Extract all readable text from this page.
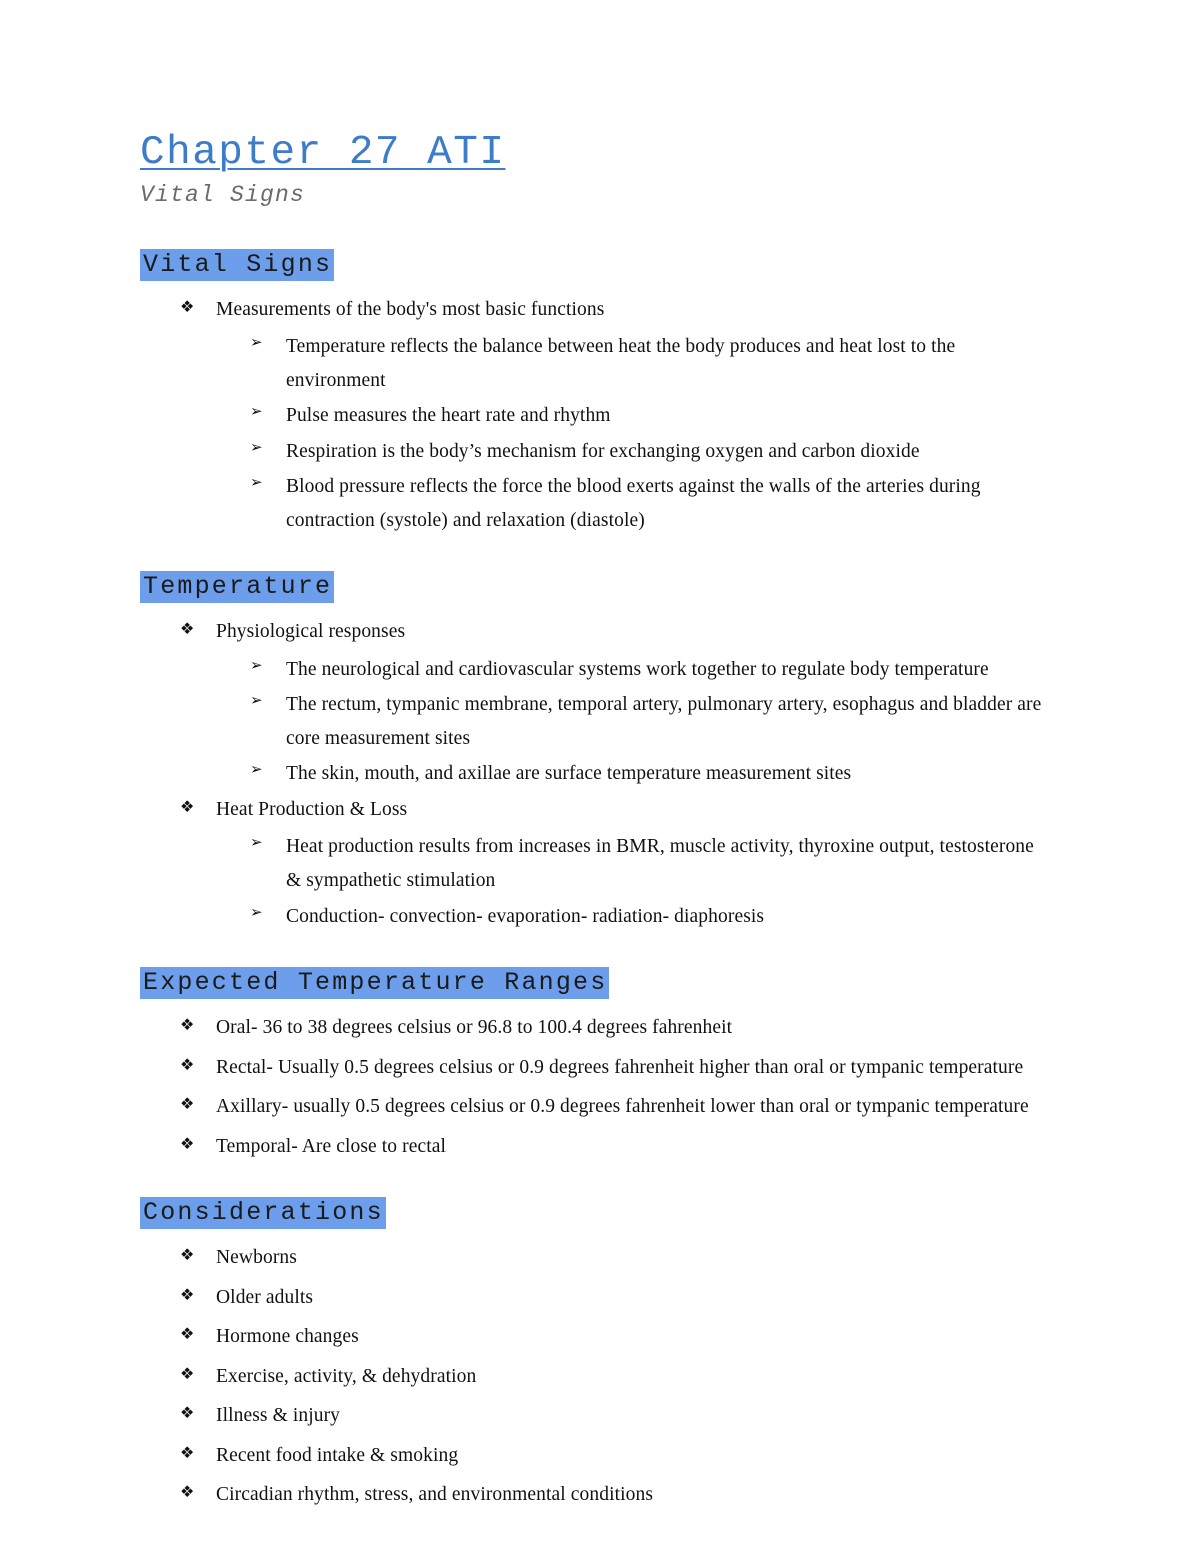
Chapter 27 ATI
Vital Signs
Vital Signs
❖ Measurements of the body's most basic functions
➢ Temperature reflects the balance between heat the body produces and heat lost to the environment
➢ Pulse measures the heart rate and rhythm
➢ Respiration is the body’s mechanism for exchanging oxygen and carbon dioxide
➢ Blood pressure reflects the force the blood exerts against the walls of the arteries during contraction (systole) and relaxation (diastole)
Temperature
❖ Physiological responses
➢ The neurological and cardiovascular systems work together to regulate body temperature
➢ The rectum, tympanic membrane, temporal artery, pulmonary artery, esophagus and bladder are core measurement sites
➢ The skin, mouth, and axillae are surface temperature measurement sites
❖ Heat Production & Loss
➢ Heat production results from increases in BMR, muscle activity, thyroxine output, testosterone & sympathetic stimulation
➢ Conduction- convection- evaporation- radiation- diaphoresis
Expected Temperature Ranges
❖ Oral- 36 to 38 degrees celsius or 96.8 to 100.4 degrees fahrenheit
❖ Rectal- Usually 0.5 degrees celsius or 0.9 degrees fahrenheit higher than oral or tympanic temperature
❖ Axillary- usually 0.5 degrees celsius or 0.9 degrees fahrenheit lower than oral or tympanic temperature
❖ Temporal- Are close to rectal
Considerations
❖ Newborns
❖ Older adults
❖ Hormone changes
❖ Exercise, activity, & dehydration
❖ Illness & injury
❖ Recent food intake & smoking
❖ Circadian rhythm, stress, and environmental conditions
